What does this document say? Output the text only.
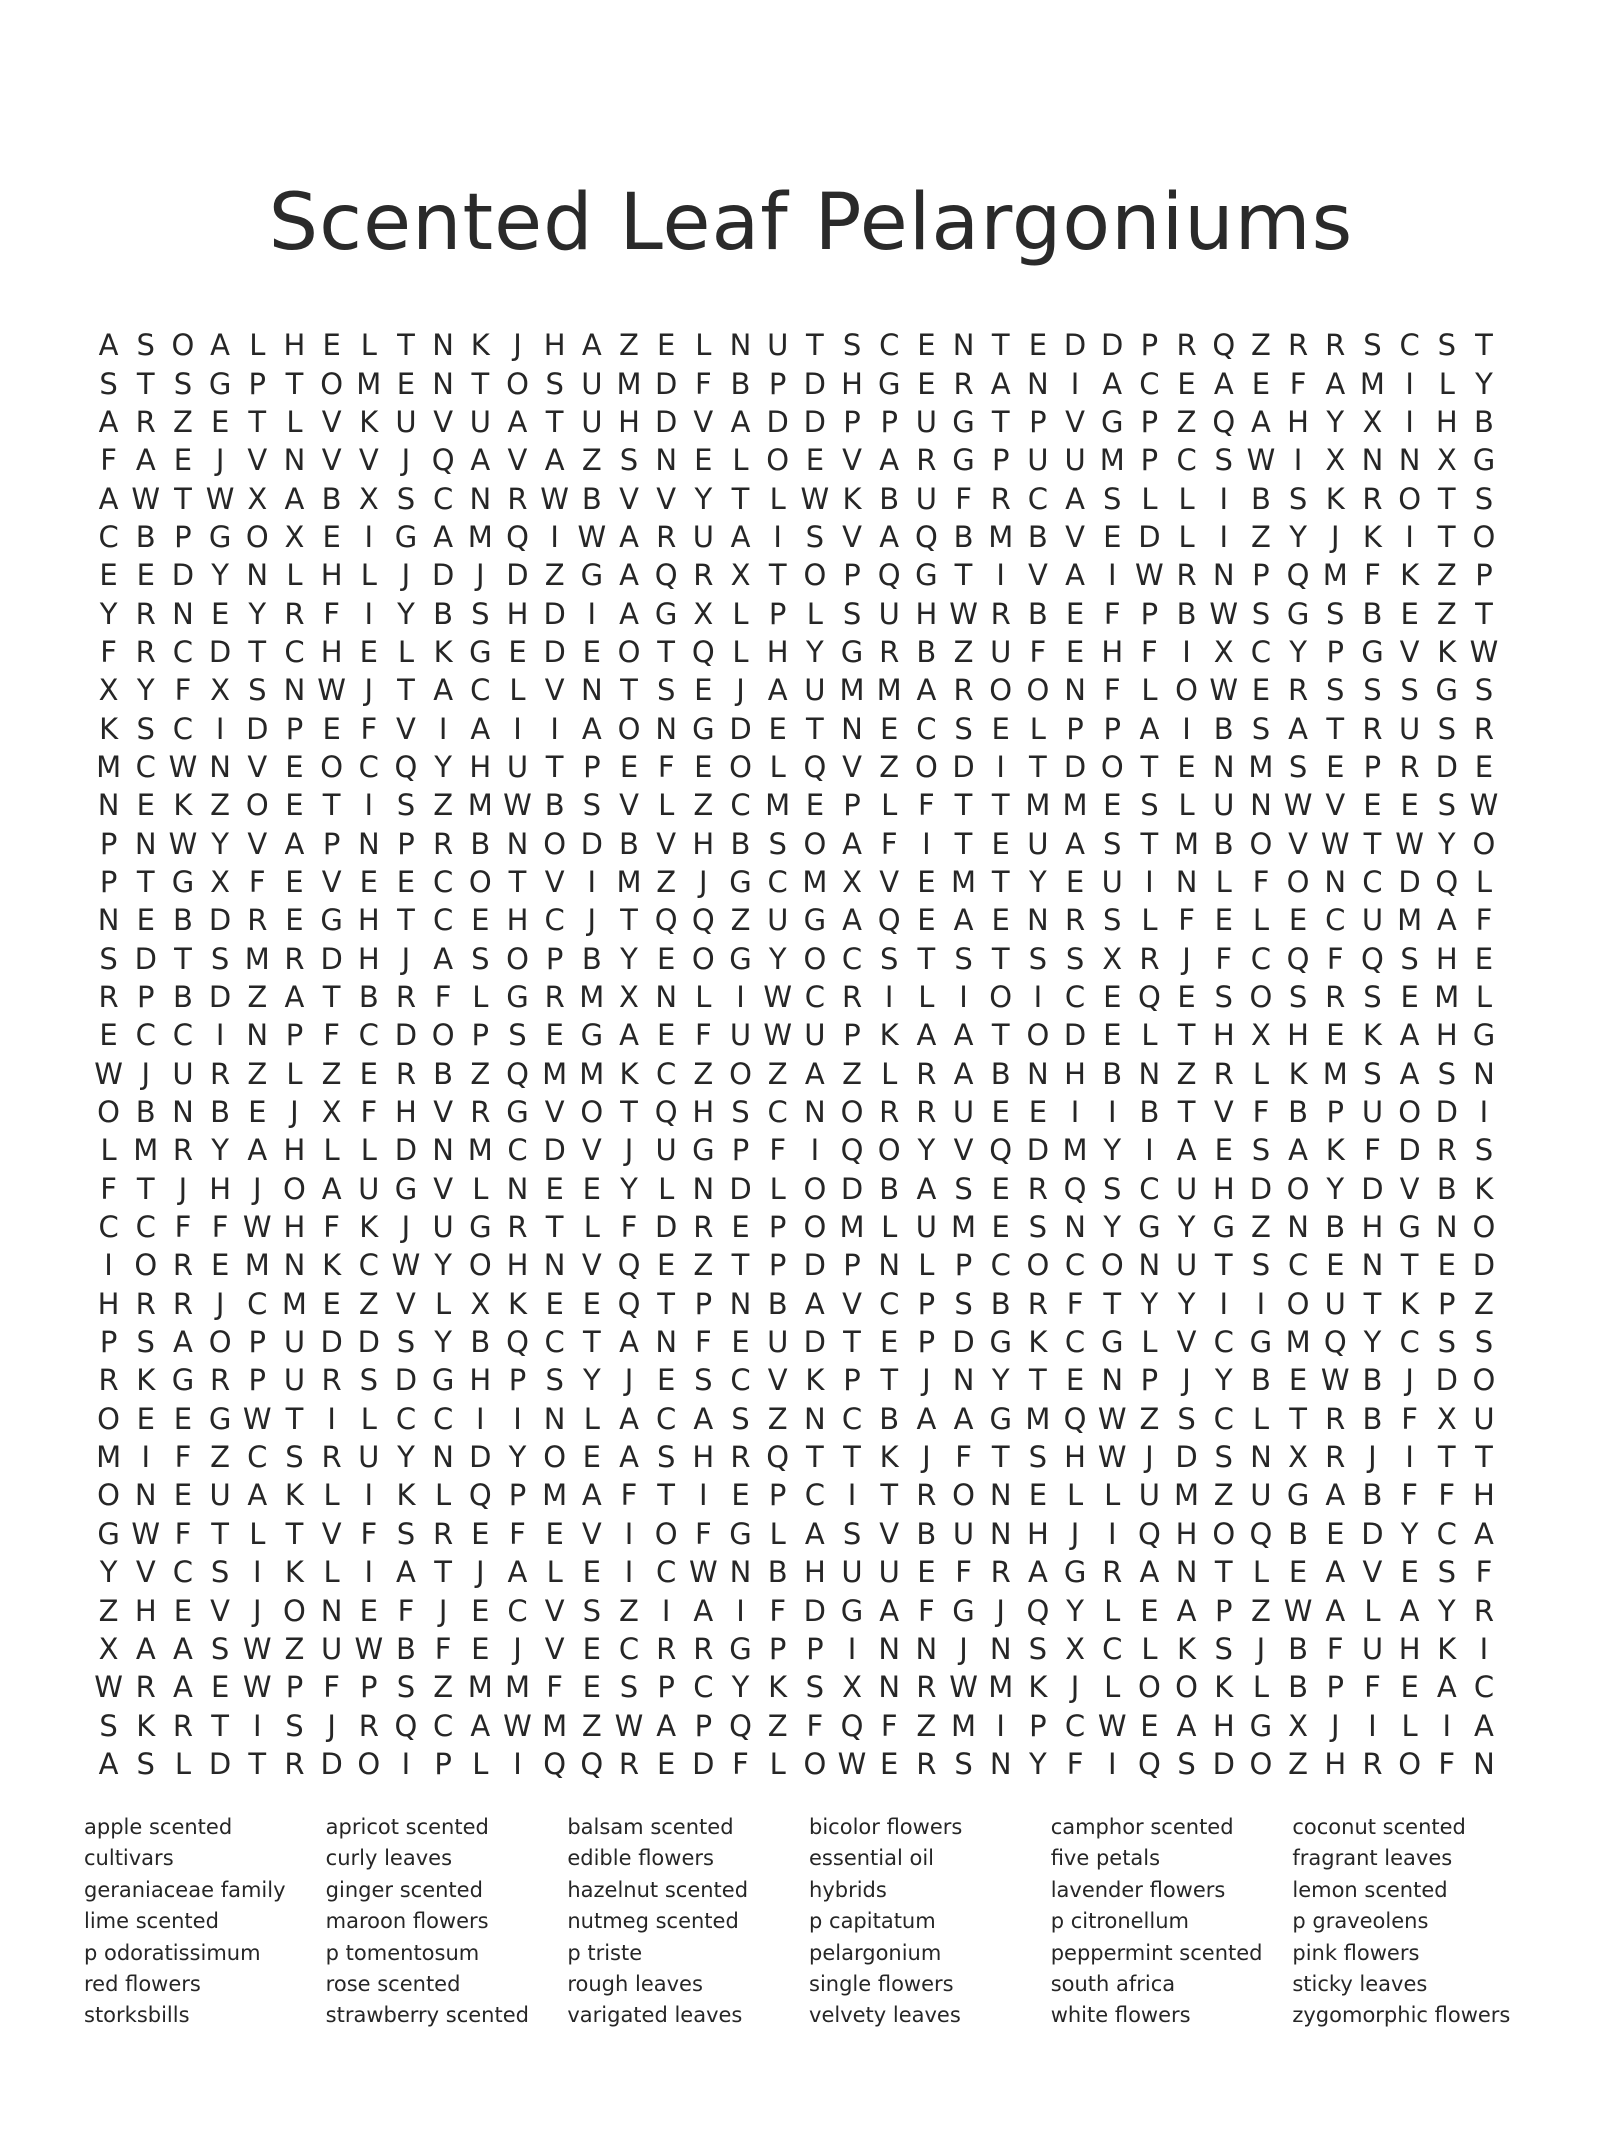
Scented Leaf Pelargoniums
A S O A L H E L T N K J H A Z E L N U T S C E N T E D D P R Q Z R R S C S T
S T S G P T O M E N T O S U M D F B P D H G E R A N I A C E A E F A M I L Y
A R Z E T L V K U V U A T U H D V A D D P P U G T P V G P Z Q A H Y X I H B
F A E J V N V V J Q A V A Z S N E L O E V A R G P U U M P C S W I X N N X G
A W T W X A B X S C N R W B V V Y T L W K B U F R C A S L L I B S K R O T S
C B P G O X E I G A M Q I W A R U A I S V A Q B M B V E D L I Z Y J K I T O
E E D Y N L H L J D J D Z G A Q R X T O P Q G T I V A I W R N P Q M F K Z P
Y R N E Y R F I Y B S H D I A G X L P L S U H W R B E F P B W S G S B E Z T
F R C D T C H E L K G E D E O T Q L H Y G R B Z U F E H F I X C Y P G V K W
X Y F X S N W J T A C L V N T S E J A U M M A R O O N F L O W E R S S S G S
K S C I D P E F V I A I I A O N G D E T N E C S E L P P A I B S A T R U S R
M C W N V E O C Q Y H U T P E F E O L Q V Z O D I T D O T E N M S E P R D E
N E K Z O E T I S Z M W B S V L Z C M E P L F T T M M E S L U N W V E E S W
P N W Y V A P N P R B N O D B V H B S O A F I T E U A S T M B O V W T W Y O
P T G X F E V E E C O T V I M Z J G C M X V E M T Y E U I N L F O N C D Q L
N E B D R E G H T C E H C J T Q Q Z U G A Q E A E N R S L F E L E C U M A F
S D T S M R D H J A S O P B Y E O G Y O C S T S T S S X R J F C Q F Q S H E
R P B D Z A T B R F L G R M X N L I W C R I L I O I C E Q E S O S R S E M L
E C C I N P F C D O P S E G A E F U W U P K A A T O D E L T H X H E K A H G
W J U R Z L Z E R B Z Q M M K C Z O Z A Z L R A B N H B N Z R L K M S A S N
O B N B E J X F H V R G V O T Q H S C N O R R U E E I I B T V F B P U O D I
L M R Y A H L L D N M C D V J U G P F I Q O Y V Q D M Y I A E S A K F D R S
F T J H J O A U G V L N E E Y L N D L O D B A S E R Q S C U H D O Y D V B K
C C F F W H F K J U G R T L F D R E P O M L U M E S N Y G Y G Z N B H G N O
I O R E M N K C W Y O H N V Q E Z T P D P N L P C O C O N U T S C E N T E D
H R R J C M E Z V L X K E E Q T P N B A V C P S B R F T Y Y I I O U T K P Z
P S A O P U D D S Y B Q C T A N F E U D T E P D G K C G L V C G M Q Y C S S
R K G R P U R S D G H P S Y J E S C V K P T J N Y T E N P J Y B E W B J D O
O E E G W T I L C C I I N L A C A S Z N C B A A G M Q W Z S C L T R B F X U
M I F Z C S R U Y N D Y O E A S H R Q T T K J F T S H W J D S N X R J I T T
O N E U A K L I K L Q P M A F T I E P C I T R O N E L L U M Z U G A B F F H
G W F T L T V F S R E F E V I O F G L A S V B U N H J I Q H O Q B E D Y C A
Y V C S I K L I A T J A L E I C W N B H U U E F R A G R A N T L E A V E S F
Z H E V J O N E F J E C V S Z I A I F D G A F G J Q Y L E A P Z W A L A Y R
X A A S W Z U W B F E J V E C R R G P P I N N J N S X C L K S J B F U H K I
W R A E W P F P S Z M M F E S P C Y K S X N R W M K J L O O K L B P F E A C
S K R T I S J R Q C A W M Z W A P Q Z F Q F Z M I P C W E A H G X J I L I A
A S L D T R D O I P L I Q Q R E D F L O W E R S N Y F I Q S D O Z H R O F N
apple scented
cultivars
geraniaceae family
lime scented
p odoratissimum
red flowers
storksbills
apricot scented
curly leaves
ginger scented
maroon flowers
p tomentosum
rose scented
strawberry scented
balsam scented
edible flowers
hazelnut scented
nutmeg scented
p triste
rough leaves
varigated leaves
bicolor flowers
essential oil
hybrids
p capitatum
pelargonium
single flowers
velvety leaves
camphor scented
five petals
lavender flowers
p citronellum
peppermint scented
south africa
white flowers
coconut scented
fragrant leaves
lemon scented
p graveolens
pink flowers
sticky leaves
zygomorphic flowers
